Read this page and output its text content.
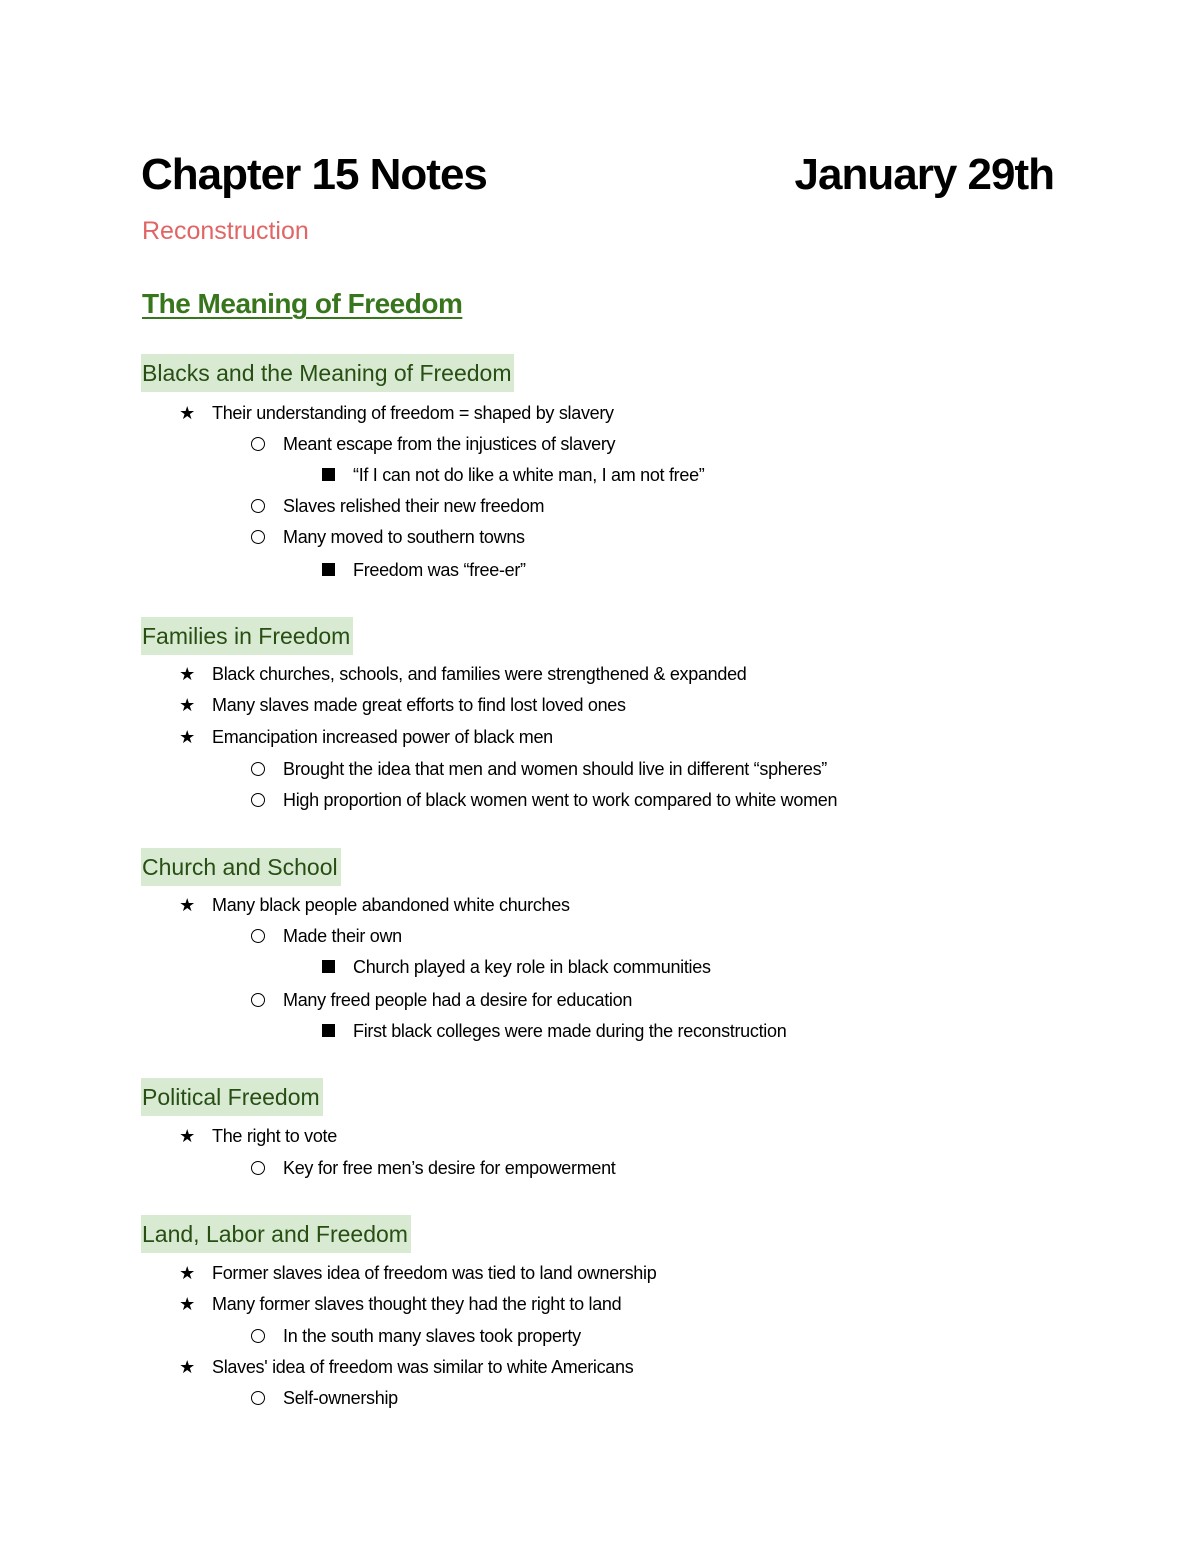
Chapter 15 Notes	January 29th
Reconstruction
The Meaning of Freedom
Blacks and the Meaning of Freedom
★ Their understanding of freedom = shaped by slavery
Meant escape from the injustices of slavery
“If I can not do like a white man, I am not free”
Slaves relished their new freedom
Many moved to southern towns
Freedom was “free-er”
Families in Freedom
★ Black churches, schools, and families were strengthened & expanded
★ Many slaves made great efforts to find lost loved ones
★ Emancipation increased power of black men
Brought the idea that men and women should live in different “spheres”
High proportion of black women went to work compared to white women
Church and School
★ Many black people abandoned white churches
Made their own
Church played a key role in black communities
Many freed people had a desire for education
First black colleges were made during the reconstruction
Political Freedom
★ The right to vote
Key for free men’s desire for empowerment
Land, Labor and Freedom
★ Former slaves idea of freedom was tied to land ownership
★ Many former slaves thought they had the right to land
In the south many slaves took property
★ Slaves' idea of freedom was similar to white Americans
Self-ownership
